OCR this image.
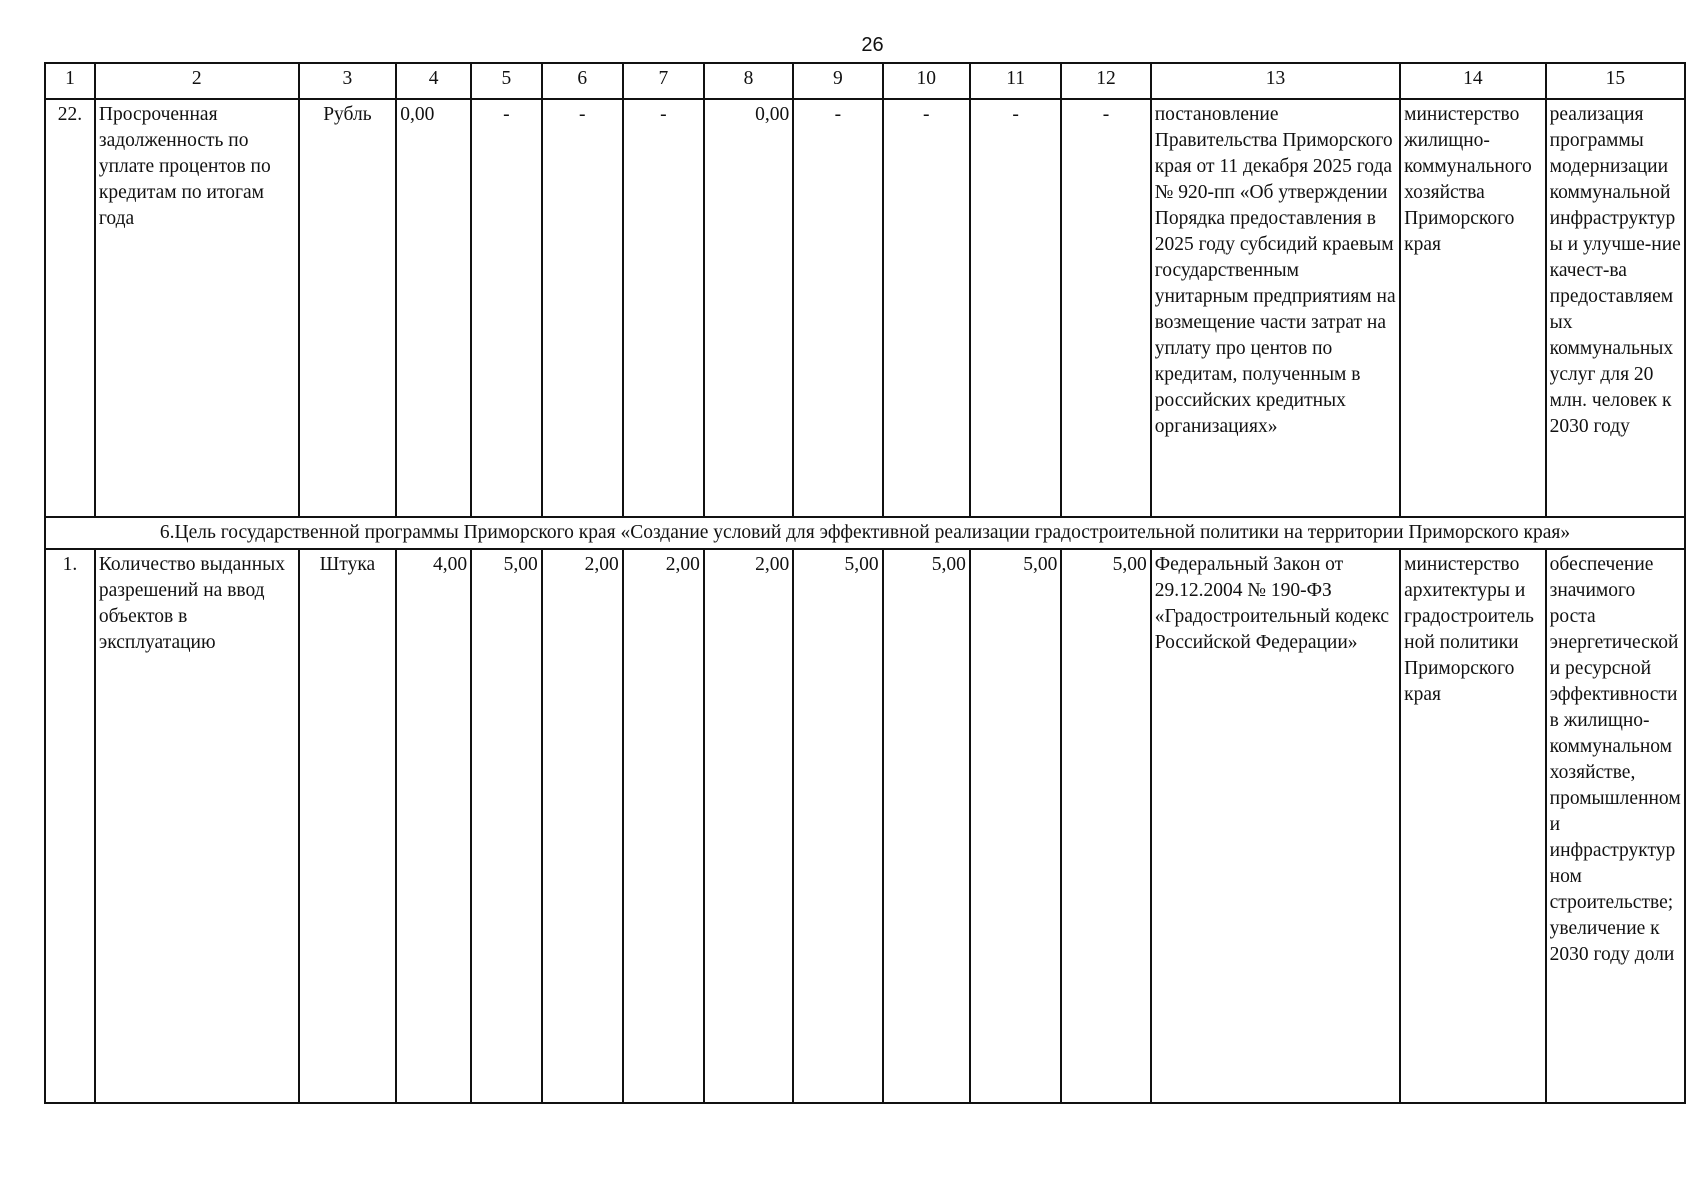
26
1	2	3	4	5	6	7	8	9	10	11	12	13	14	15
22.	Просроченная задолженность по уплате процентов по кредитам по итогам года	Рубль	0,00	-	-	-	0,00	-	-	-	-	постановление Правительства Приморского края от 11 декабря 2025 года № 920-пп «Об утверждении Порядка предоставления в 2025 году субсидий краевым государственным унитарным предприятиям на возмещение части затрат на уплату про центов по кредитам, полученным в российских кредитных организациях»	министерство жилищно-коммунального хозяйства Приморского края	реализация программы модернизации коммунальной инфраструктуры и улучше-ние качест-ва предоставляемых коммунальных услуг для 20 млн. человек к 2030 году
6.Цель государственной программы Приморского края «Создание условий для эффективной реализации градостроительной политики на территории Приморского края»														
1.	Количество выданных разрешений на ввод объектов в эксплуатацию	Штука	4,00	5,00	2,00	2,00	2,00	5,00	5,00	5,00	5,00	Федеральный Закон от 29.12.2004 № 190-ФЗ «Градостроительный кодекс Российской Федерации»	министерство архитектуры и градостроительной политики Приморского края	обеспечение значимого роста энергетической и ресурсной эффективности в жилищно-коммунальном хозяйстве, промышленном и инфраструктурном строительстве; увеличение к 2030 году доли
